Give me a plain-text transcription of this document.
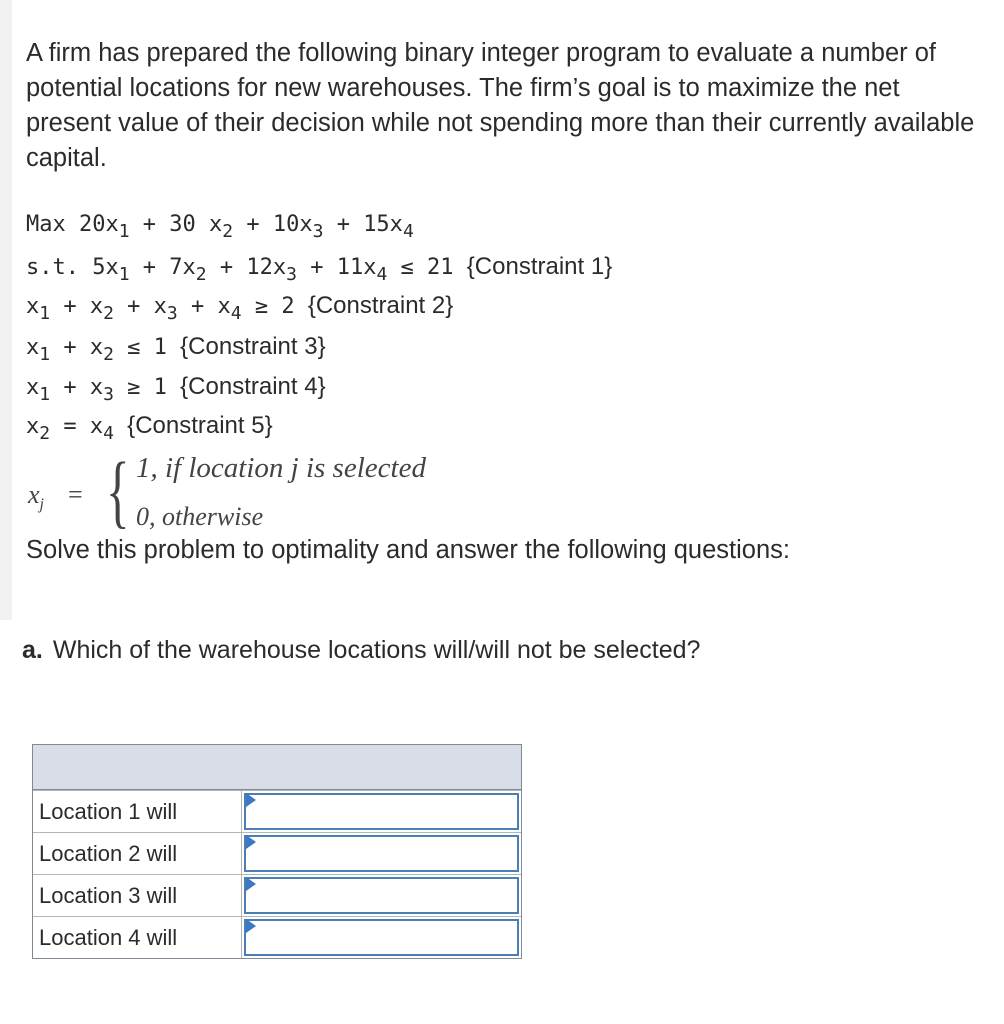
A firm has prepared the following binary integer program to evaluate a number of potential locations for new warehouses. The firm’s goal is to maximize the net present value of their decision while not spending more than their currently available capital.
Max $20x_1 + 30$ $x_2 + 10x_3 + 15x_4$
s.t. $5x_1 + 7x_2 + 12x_3 + 11x_4 \le 21$ {Constraint 1}
$x_1 + x_2 + x_3 + x_4 \ge 2$ {Constraint 2}
$x_1 + x_2 \le 1$ {Constraint 3}
$x_1 + x_3 \ge 1$ {Constraint 4}
$x_2 = x_4$ {Constraint 5}
$x_j$ = { 1, if location j is selected
0, otherwise
Solve this problem to optimality and answer the following questions:
a. Which of the warehouse locations will/will not be selected?
Location 1 will
Location 2 will
Location 3 will
Location 4 will
